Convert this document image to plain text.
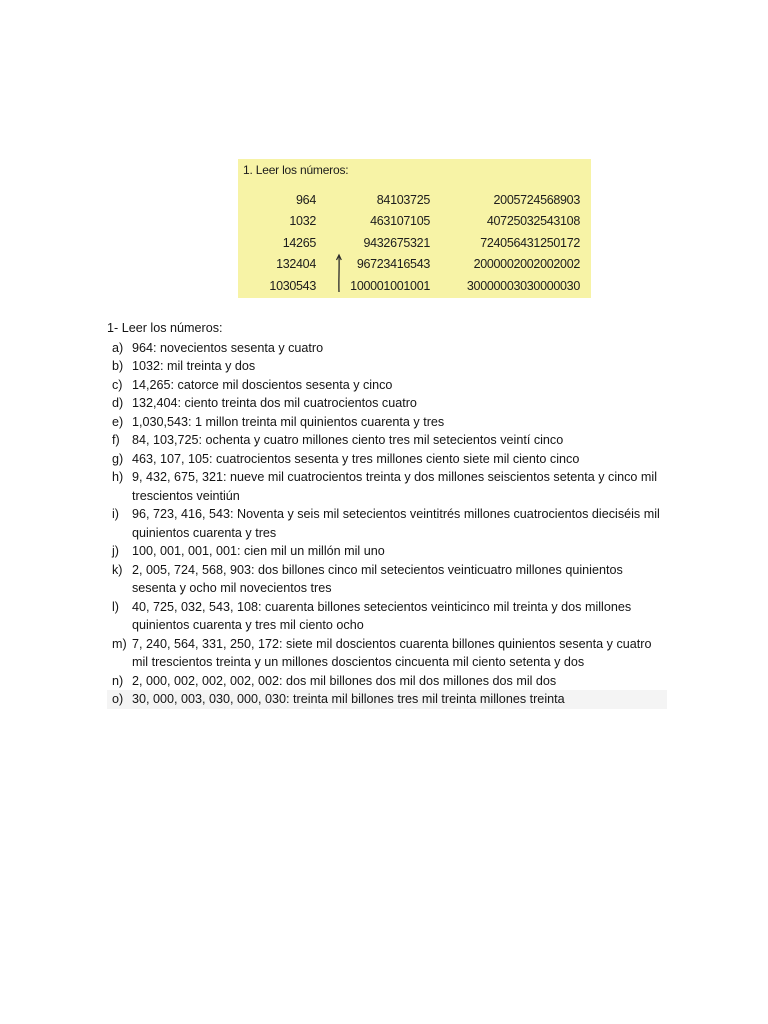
1. Leer los números:
964	84103725	2005724568903
1032	463107105	40725032543108
14265	9432675321	724056431250172
132404	96723416543	2000002002002002
1030543	100001001001	30000003030000030
1- Leer los números:
a) 964: novecientos sesenta y cuatro
b) 1032: mil treinta y dos
c) 14,265: catorce mil doscientos sesenta y cinco
d) 132,404: ciento treinta dos mil cuatrocientos cuatro
e) 1,030,543: 1 millon treinta mil quinientos cuarenta y tres
f) 84, 103,725: ochenta y cuatro millones ciento tres mil setecientos veintí cinco
g) 463, 107, 105: cuatrocientos sesenta y tres millones ciento siete mil ciento cinco
h) 9, 432, 675, 321: nueve mil cuatrocientos treinta y dos millones seiscientos setenta y cinco mil trescientos veintiún
i)	96, 723, 416, 543: Noventa y seis mil setecientos veintitrés millones cuatrocientos dieciséis mil quinientos cuarenta y tres
j)	100, 001, 001, 001: cien mil un millón mil uno
k) 2, 005, 724, 568, 903: dos billones cinco mil setecientos veinticuatro millones quinientos sesenta y ocho mil novecientos tres
l)	40, 725, 032, 543, 108: cuarenta billones setecientos veinticinco mil treinta y dos millones quinientos cuarenta y tres mil ciento ocho
m) 7, 240, 564, 331, 250, 172: siete mil doscientos cuarenta billones quinientos sesenta y cuatro mil trescientos treinta y un millones doscientos cincuenta mil ciento setenta y dos
n) 2, 000, 002, 002, 002, 002: dos mil billones dos mil dos millones dos mil dos
o) 30, 000, 003, 030, 000, 030: treinta mil billones tres mil treinta millones treinta
